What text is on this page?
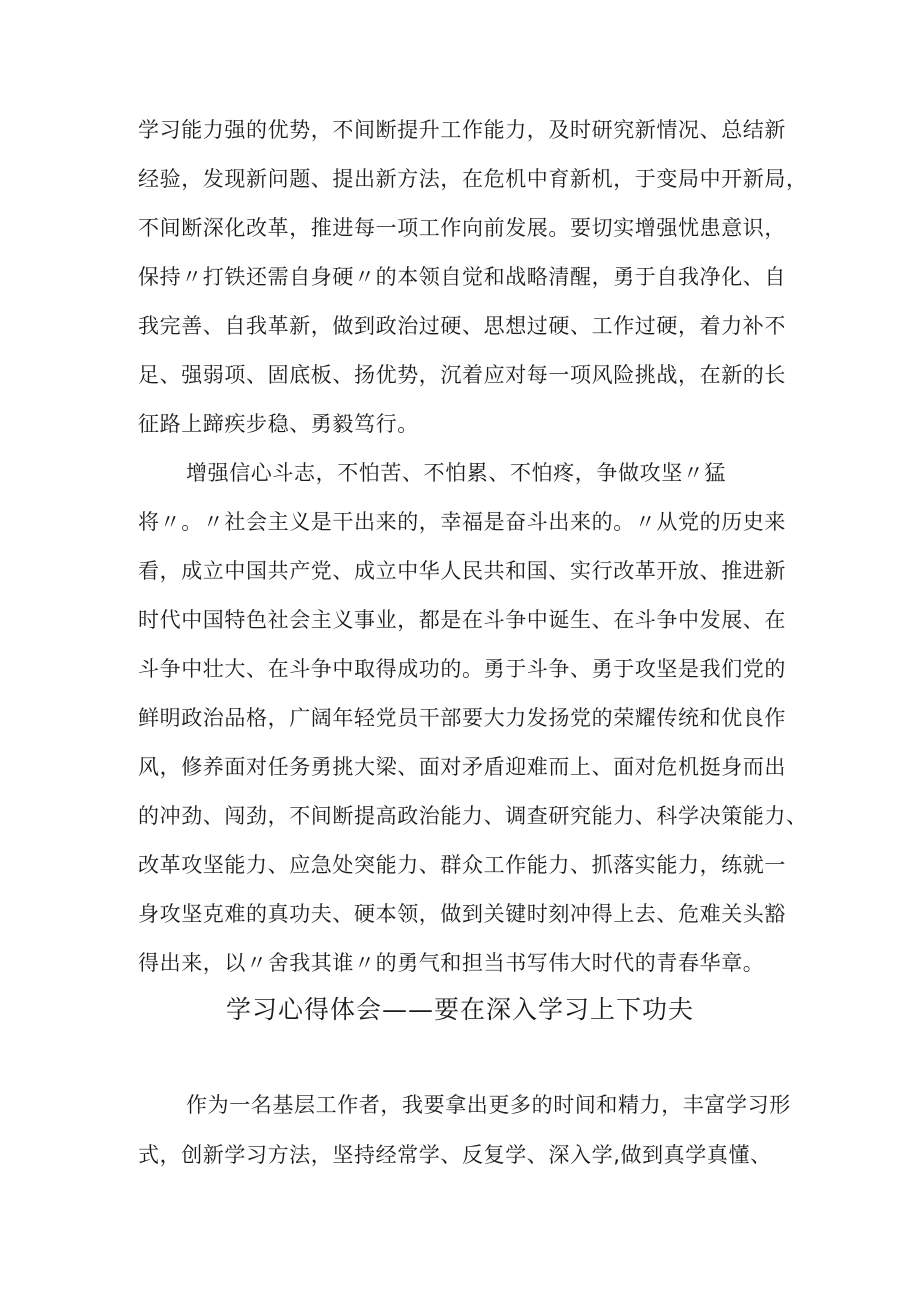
学习能力强的优势，不间断提升工作能力，及时研究新情况、总结新

经验，发现新问题、提出新方法，在危机中育新机，于变局中开新局，

不间断深化改革，推进每一项工作向前发展。要切实增强忧患意识，

保持〃打铁还需自身硬〃的本领自觉和战略清醒，勇于自我净化、自

我完善、自我革新，做到政治过硬、思想过硬、工作过硬，着力补不

足、强弱项、固底板、扬优势，沉着应对每一项风险挑战，在新的长

征路上蹄疾步稳、勇毅笃行。

增强信心斗志，不怕苦、不怕累、不怕疼，争做攻坚〃猛

将〃。〃社会主义是干出来的，幸福是奋斗出来的。〃从党的历史来

看，成立中国共产党、成立中华人民共和国、实行改革开放、推进新

时代中国特色社会主义事业，都是在斗争中诞生、在斗争中发展、在

斗争中壮大、在斗争中取得成功的。勇于斗争、勇于攻坚是我们党的

鲜明政治品格，广阔年轻党员干部要大力发扬党的荣耀传统和优良作

风，修养面对任务勇挑大梁、面对矛盾迎难而上、面对危机挺身而出

的冲劲、闯劲，不间断提高政治能力、调查研究能力、科学决策能力、

改革攻坚能力、应急处突能力、群众工作能力、抓落实能力，练就一

身攻坚克难的真功夫、硬本领，做到关键时刻冲得上去、危难关头豁

得出来，以〃舍我其谁〃的勇气和担当书写伟大时代的青春华章。

学习心得体会——要在深入学习上下功夫

作为一名基层工作者，我要拿出更多的时间和精力，丰富学习形

式，创新学习方法，坚持经常学、反复学、深入学,做到真学真懂、
